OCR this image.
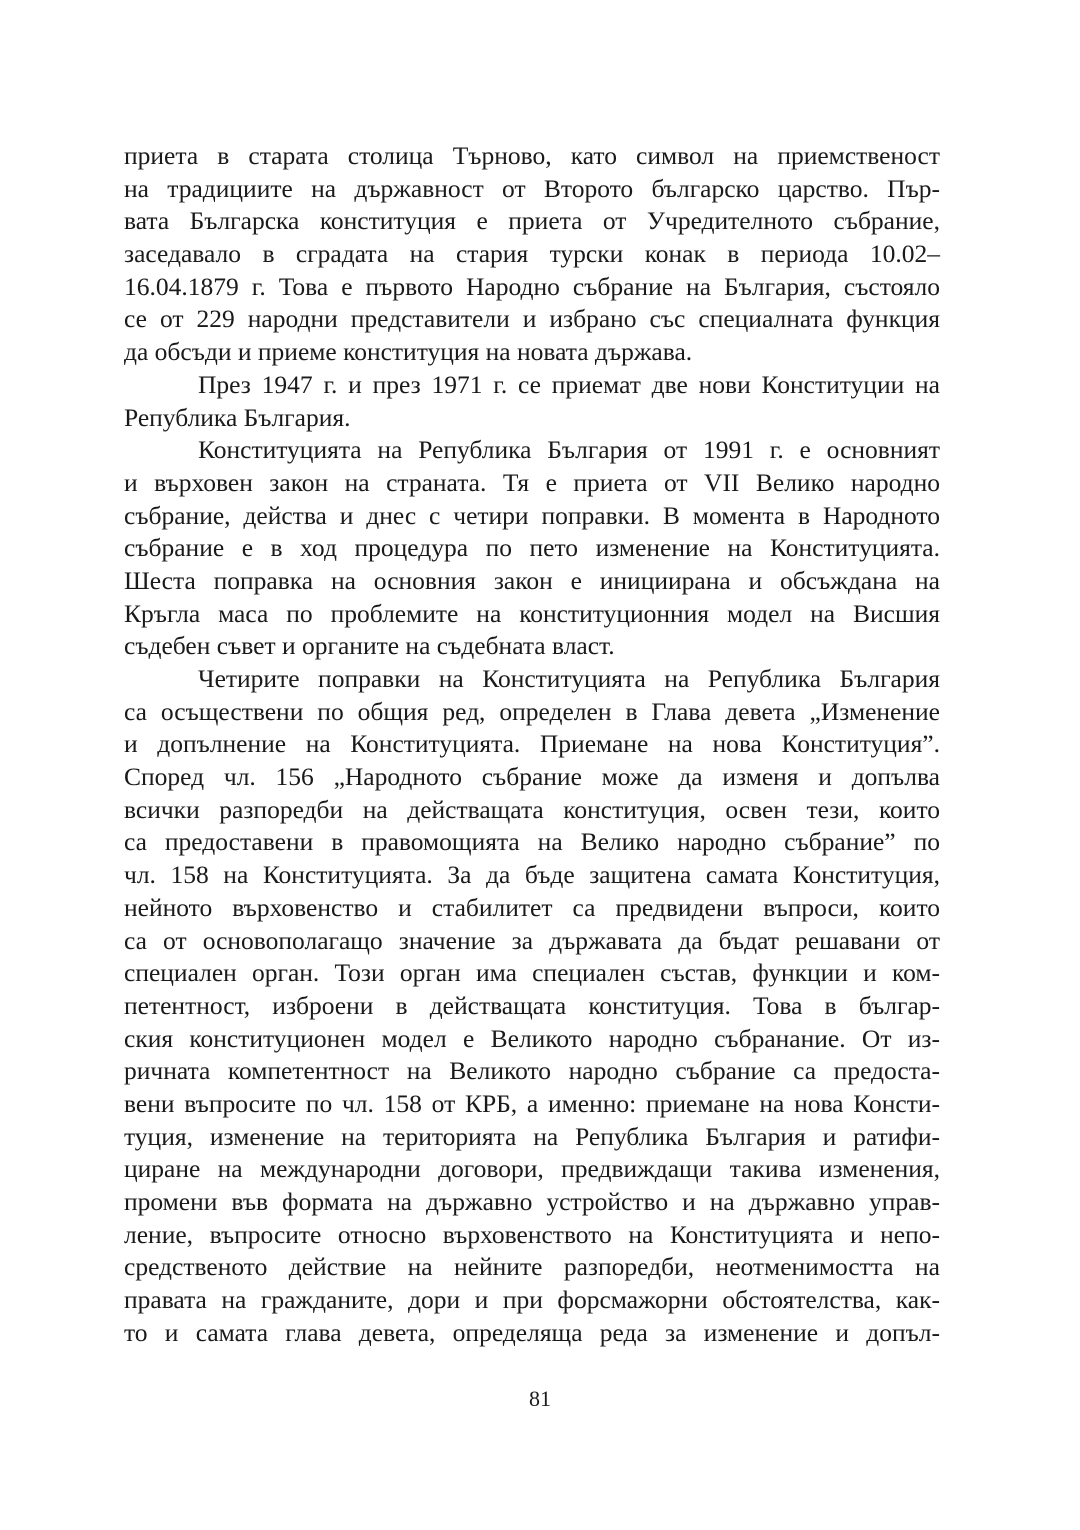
приета в старата столица Търново, като символ на приемственост
на традициите на държавност от Второто българско царство. Пър-
вата Българска конституция е приета от Учредителното събрание,
заседавало в сградата на стария турски конак в периода 10.02–
16.04.1879 г. Това е първото Народно събрание на България, състояло
се от 229 народни представители и избрано със специалната функция
да обсъди и приеме конституция на новата държава.
През 1947 г. и през 1971 г. се приемат две нови Конституции на
Република България.
Конституцията на Република България от 1991 г. е основният
и върховен закон на страната. Тя е приета от VII Велико народно
събрание, действа и днес с четири поправки. В момента в Народното
събрание е в ход процедура по пето изменение на Конституцията.
Шеста поправка на основния закон е инициирана и обсъждана на
Кръгла маса по проблемите на конституционния модел на Висшия
съдебен съвет и органите на съдебната власт.
Четирите поправки на Конституцията на Република България
са осъществени по общия ред, определен в Глава девета „Изменение
и допълнение на Конституцията. Приемане на нова Конституция”.
Според чл. 156 „Народното събрание може да изменя и допълва
всички разпоредби на действащата конституция, освен тези, които
са предоставени в правомощията на Велико народно събрание” по
чл. 158 на Конституцията. За да бъде защитена самата Конституция,
нейното върховенство и стабилитет са предвидени въпроси, които
са от основополагащо значение за държавата да бъдат решавани от
специален орган. Този орган има специален състав, функции и ком-
петентност, изброени в действащата конституция. Това в българ-
ския конституционен модел е Великото народно събранание. От из-
ричната компетентност на Великото народно събрание са предоста-
вени въпросите по чл. 158 от КРБ, а именно: приемане на нова Консти-
туция, изменение на територията на Република България и ратифи-
циране на международни договори, предвиждащи такива изменения,
промени във формата на държавно устройство и на държавно управ-
ление, въпросите относно върховенството на Конституцията и непо-
средственото действие на нейните разпоредби, неотменимостта на
правата на гражданите, дори и при форсмажорни обстоятелства, как-
то и самата глава девета, определяща реда за изменение и допъл-
81
